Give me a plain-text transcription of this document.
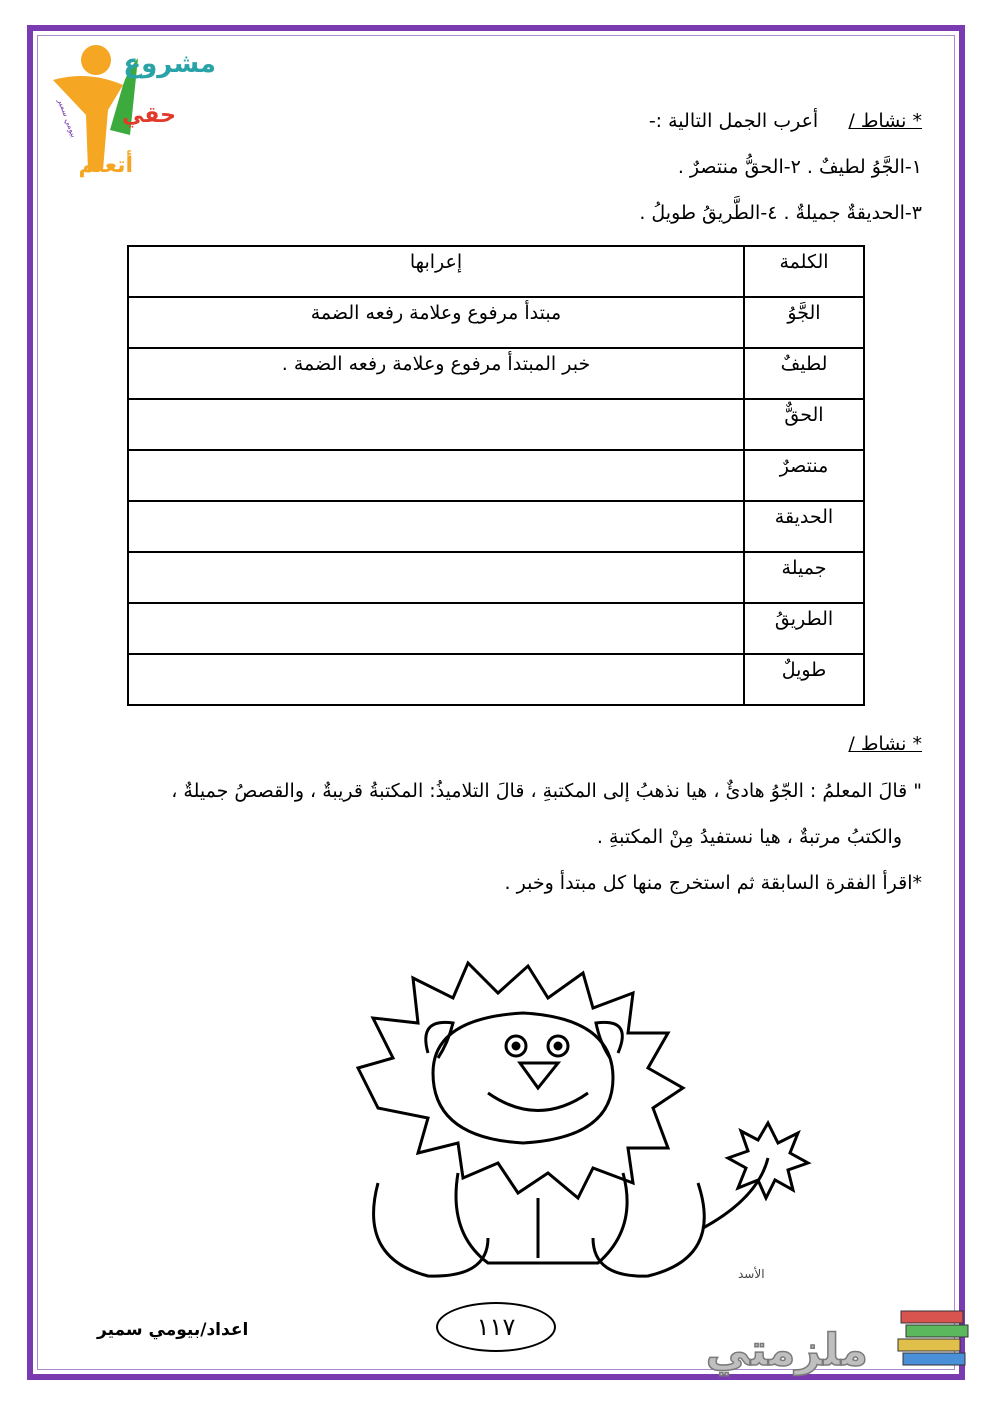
مشروع
حقي
أتعلم
بيومي سمير	* نشاط /     أعرب الجمل التالية :-
١-الجَّوُ لطيفٌ . ٢-الحقُّ منتصرٌ .
٣-الحديقةٌ جميلةٌ . ٤-الطَّريقُ طويلُ .
الكلمة	إعرابها
الجَّوُ	مبتدأ مرفوع وعلامة رفعه الضمة
لطيفٌ	خبر المبتدأ مرفوع وعلامة رفعه الضمة .
الحقٌّ	
منتصرٌ	
الحديقة	
جميلة	
الطريقُ	
طويلٌ	
* نشاط /
" قالَ المعلمُ : الجّوُ هادئٌ ، هيا نذهبُ إلى المكتبةِ ، قالَ التلاميذُ: المكتبةُ قريبةٌ ، والقصصُ جميلةٌ ،
والكتبُ مرتبةٌ ، هيا نستفيدُ مِنْ المكتبةِ .
*اقرأ الفقرة السابقة ثم استخرج منها كل مبتدأ وخبر .
الأسد
اعداد/بيومي سمير	١١٧	ملزمتي
